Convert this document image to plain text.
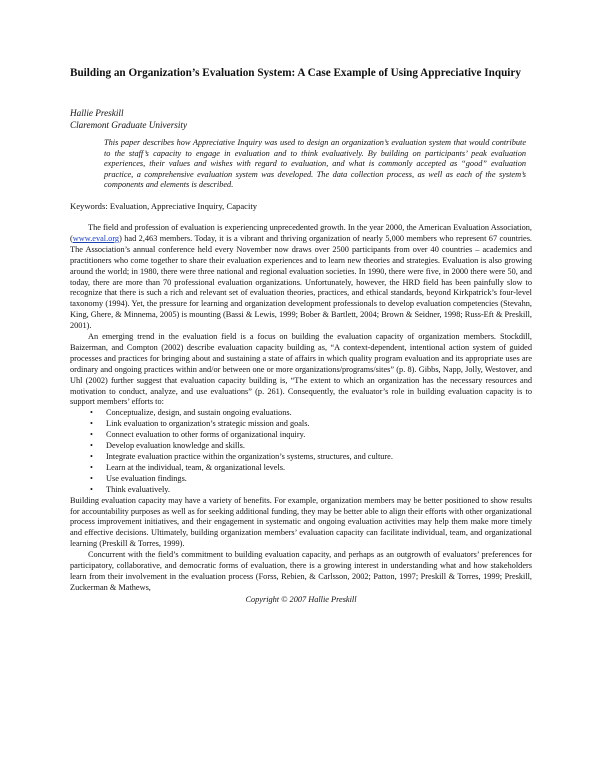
Building an Organization’s Evaluation System: A Case Example of Using Appreciative Inquiry
Hallie Preskill
Claremont Graduate University
This paper describes how Appreciative Inquiry was used to design an organization’s evaluation system that would contribute to the staff’s capacity to engage in evaluation and to think evaluatively. By building on participants’ peak evaluation experiences, their values and wishes with regard to evaluation, and what is commonly accepted as “good” evaluation practice, a comprehensive evaluation system was developed. The data collection process, as well as each of the system’s components and elements is described.
Keywords: Evaluation, Appreciative Inquiry, Capacity

The field and profession of evaluation is experiencing unprecedented growth. In the year 2000, the American Evaluation Association, (www.eval.org) had 2,463 members. Today, it is a vibrant and thriving organization of nearly 5,000 members who represent 67 countries. The Association’s annual conference held every November now draws over 2500 participants from over 40 countries – academics and practitioners who come together to share their evaluation experiences and to learn new theories and strategies. Evaluation is also growing around the world; in 1980, there were three national and regional evaluation societies. In 1990, there were five, in 2000 there were 50, and today, there are more than 70 professional evaluation organizations. Unfortunately, however, the HRD field has been painfully slow to recognize that there is such a rich and relevant set of evaluation theories, practices, and ethical standards, beyond Kirkpatrick’s four-level taxonomy (1994). Yet, the pressure for learning and organization development professionals to develop evaluation competencies (Stevahn, King, Ghere, & Minnema, 2005) is mounting (Bassi & Lewis, 1999; Bober & Bartlett, 2004; Brown & Seidner, 1998; Russ-Eft & Preskill, 2001).

An emerging trend in the evaluation field is a focus on building the evaluation capacity of organization members. Stockdill, Baizerman, and Compton (2002) describe evaluation capacity building as, “A context-dependent, intentional action system of guided processes and practices for bringing about and sustaining a state of affairs in which quality program evaluation and its appropriate uses are ordinary and ongoing practices within and/or between one or more organizations/programs/sites” (p. 8). Gibbs, Napp, Jolly, Westover, and Uhl (2002) further suggest that evaluation capacity building is, “The extent to which an organization has the necessary resources and motivation to conduct, analyze, and use evaluations” (p. 261). Consequently, the evaluator’s role in building evaluation capacity is to support members’ efforts to:

• Conceptualize, design, and sustain ongoing evaluations.
• Link evaluation to organization’s strategic mission and goals.
• Connect evaluation to other forms of organizational inquiry.
• Develop evaluation knowledge and skills.
• Integrate evaluation practice within the organization’s systems, structures, and culture.
• Learn at the individual, team, & organizational levels.
• Use evaluation findings.
• Think evaluatively.

Building evaluation capacity may have a variety of benefits. For example, organization members may be better positioned to show results for accountability purposes as well as for seeking additional funding, they may be better able to align their efforts with other organizational process improvement initiatives, and their engagement in systematic and ongoing evaluation activities may help them make more timely and effective decisions. Ultimately, building organization members’ evaluation capacity can facilitate individual, team, and organizational learning (Preskill & Torres, 1999).

Concurrent with the field’s commitment to building evaluation capacity, and perhaps as an outgrowth of evaluators’ preferences for participatory, collaborative, and democratic forms of evaluation, there is a growing interest in understanding what and how stakeholders learn from their involvement in the evaluation process (Forss, Rebien, & Carlsson, 2002; Patton, 1997; Preskill & Torres, 1999; Preskill, Zuckerman & Mathews,

Copyright © 2007 Hallie Preskill
